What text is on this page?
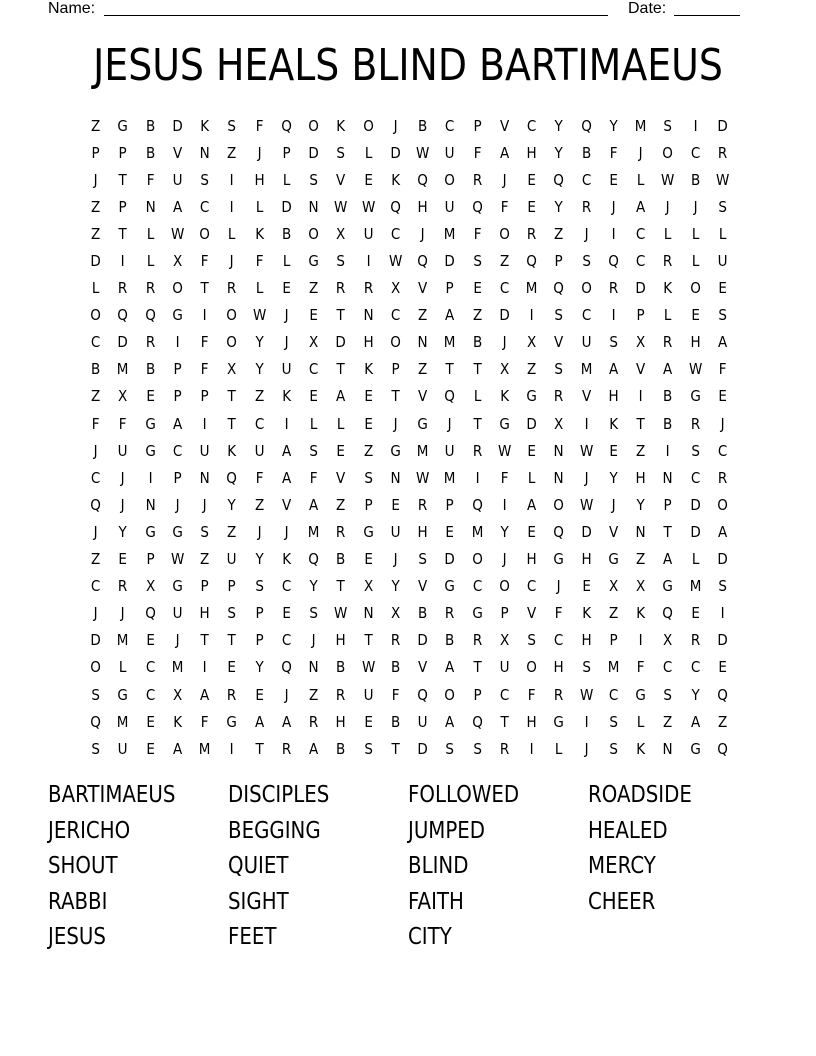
Name:	Date:
JESUS HEALS BLIND BARTIMAEUS
Z	G	B	D	K	S	F	Q	O	K	O	J	B	C	P	V	C	Y	Q	Y	M	S	I	D
P	P	B	V	N	Z	J	P	D	S	L	D	W	U	F	A	H	Y	B	F	J	O	C	R
J	T	F	U	S	I	H	L	S	V	E	K	Q	O	R	J	E	Q	C	E	L	W	B	W
Z	P	N	A	C	I	L	D	N	W W	Q	H	U	Q	F	E	Y	R	J	A	J	J	S
Z	T	L	W	O	L	K	B	O	X	U	C	J	M	F	O	R	Z	J	I	C	L	L	L
D	I	L	X	F	J	F	L	G	S	I	W	Q	D	S	Z	Q	P	S	Q	C	R	L	U
L	R	R	O	T	R	L	E	Z	R	R	X	V	P	E	C	M	Q	O	R	D	K	O	E
O	Q	Q	G	I	O	W	J	E	T	N	C	Z	A	Z	D	I	S	C	I	P	L	E	S
C	D	R	I	F	O	Y	J	X	D	H	O	N	M	B	J	X	V	U	S	X	R	H	A
B	M	B	P	F	X	Y	U	C	T	K	P	Z	T	T	X	Z	S	M	A	V	A	W	F
Z	X	E	P	P	T	Z	K	E	A	E	T	V	Q	L	K	G	R	V	H	I	B	G	E
F	F	G	A	I	T	C	I	L	L	E	J	G	J	T	G	D	X	I	K	T	B	R	J
J	U	G	C	U	K	U	A	S	E	Z	G	M	U	R	W	E	N	W	E	Z	I	S	C
C	J	I	P	N	Q	F	A	F	V	S	N	W M	I	F	L	N	J	Y	H	N	C	R
Q	J	N	J	J	Y	Z	V	A	Z	P	E	R	P	Q	I	A	O	W	J	Y	P	D	O
J	Y	G	G	S	Z	J	J	M	R	G	U	H	E	M	Y	E	Q	D	V	N	T	D	A
Z	E	P	W	Z	U	Y	K	Q	B	E	J	S	D	O	J	H	G	H	G	Z	A	L	D
C	R	X	G	P	P	S	C	Y	T	X	Y	V	G	C	O	C	J	E	X	X	G	M	S
J	J	Q	U	H	S	P	E	S	W	N	X	B	R	G	P	V	F	K	Z	K	Q	E	I
D	M	E	J	T	T	P	C	J	H	T	R	D	B	R	X	S	C	H	P	I	X	R	D
O	L	C	M	I	E	Y	Q	N	B	W	B	V	A	T	U	O	H	S	M	F	C	C	E
S	G	C	X	A	R	E	J	Z	R	U	F	Q	O	P	C	F	R	W	C	G	S	Y	Q
Q	M	E	K	F	G	A	A	R	H	E	B	U	A	Q	T	H	G	I	S	L	Z	A	Z
S	U	E	A	M	I	T	R	A	B	S	T	D	S	S	R	I	L	J	S	K	N	G	Q
BARTIMAEUS	DISCIPLES	FOLLOWED	ROADSIDE
JERICHO	BEGGING	JUMPED	HEALED
SHOUT	QUIET	BLIND	MERCY
RABBI	SIGHT	FAITH	CHEER
JESUS	FEET	CITY
